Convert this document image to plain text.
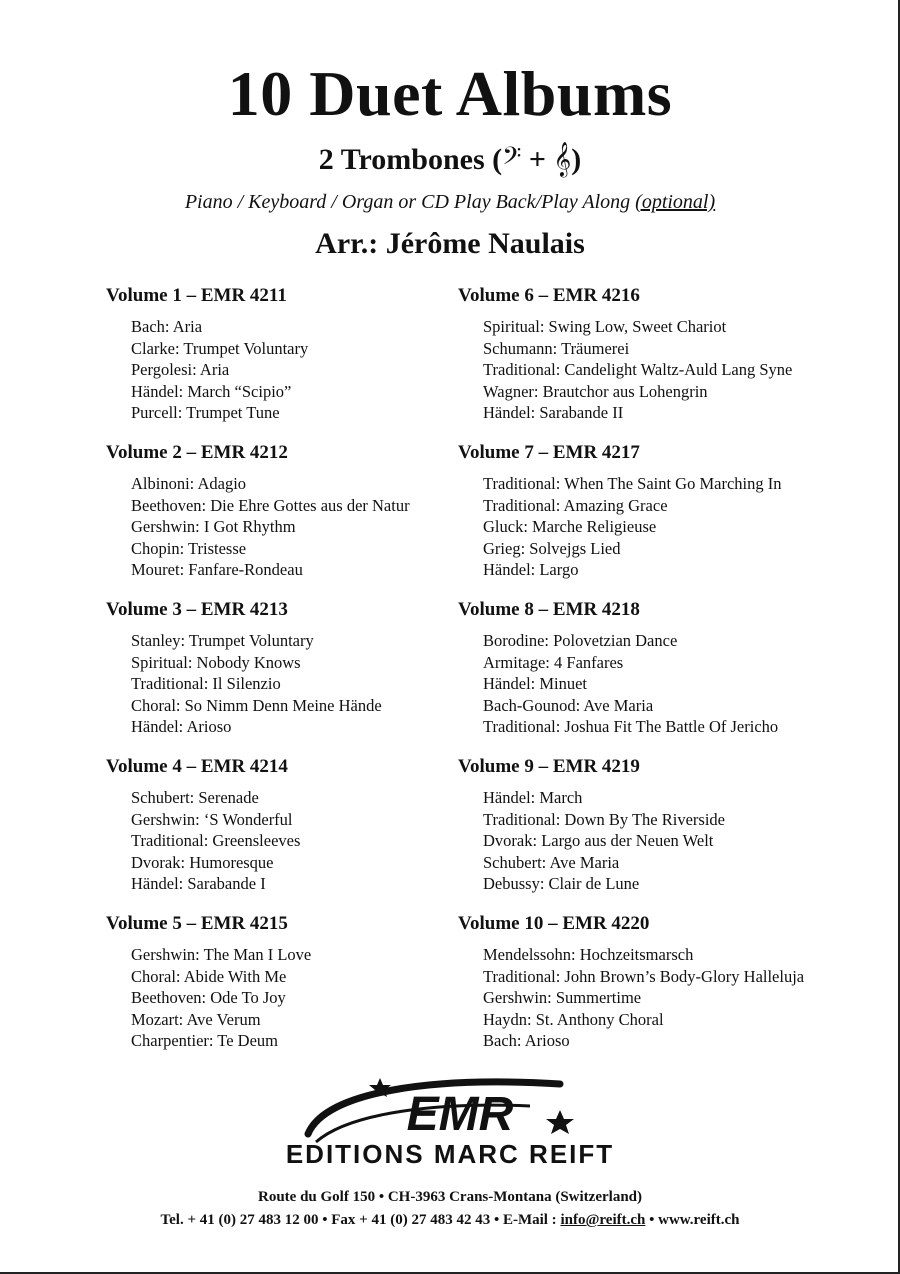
10 Duet Albums
2 Trombones (𝄢 + 𝄞)
Piano / Keyboard / Organ or CD Play Back/Play Along (optional)
Arr.: Jérôme Naulais
Volume 1 – EMR 4211
Bach: Aria
Clarke: Trumpet Voluntary
Pergolesi: Aria
Händel: March “Scipio”
Purcell: Trumpet Tune
Volume 2 – EMR 4212
Albinoni: Adagio
Beethoven: Die Ehre Gottes aus der Natur
Gershwin: I Got Rhythm
Chopin: Tristesse
Mouret: Fanfare-Rondeau
Volume 3 – EMR 4213
Stanley: Trumpet Voluntary
Spiritual: Nobody Knows
Traditional: Il Silenzio
Choral: So Nimm Denn Meine Hände
Händel: Arioso
Volume 4 – EMR 4214
Schubert: Serenade
Gershwin: ‘S Wonderful
Traditional: Greensleeves
Dvorak: Humoresque
Händel: Sarabande I
Volume 5 – EMR 4215
Gershwin: The Man I Love
Choral: Abide With Me
Beethoven: Ode To Joy
Mozart: Ave Verum
Charpentier: Te Deum
Volume 6 – EMR 4216
Spiritual: Swing Low, Sweet Chariot
Schumann: Träumerei
Traditional: Candelight Waltz-Auld Lang Syne
Wagner: Brautchor aus Lohengrin
Händel: Sarabande II
Volume 7 – EMR 4217
Traditional: When The Saint Go Marching In
Traditional: Amazing Grace
Gluck: Marche Religieuse
Grieg: Solvejgs Lied
Händel: Largo
Volume 8 – EMR 4218
Borodine: Polovetzian Dance
Armitage: 4 Fanfares
Händel: Minuet
Bach-Gounod: Ave Maria
Traditional: Joshua Fit The Battle Of Jericho
Volume 9 – EMR 4219
Händel: March
Traditional: Down By The Riverside
Dvorak: Largo aus der Neuen Welt
Schubert: Ave Maria
Debussy: Clair de Lune
Volume 10 – EMR 4220
Mendelssohn: Hochzeitsmarsch
Traditional: John Brown’s Body-Glory Halleluja
Gershwin: Summertime
Haydn: St. Anthony Choral
Bach: Arioso
EMR
EDITIONS MARC REIFT
Route du Golf 150 • CH-3963 Crans-Montana (Switzerland)
Tel. + 41 (0) 27 483 12 00 • Fax + 41 (0) 27 483 42 43 • E-Mail : info@reift.ch • www.reift.ch
